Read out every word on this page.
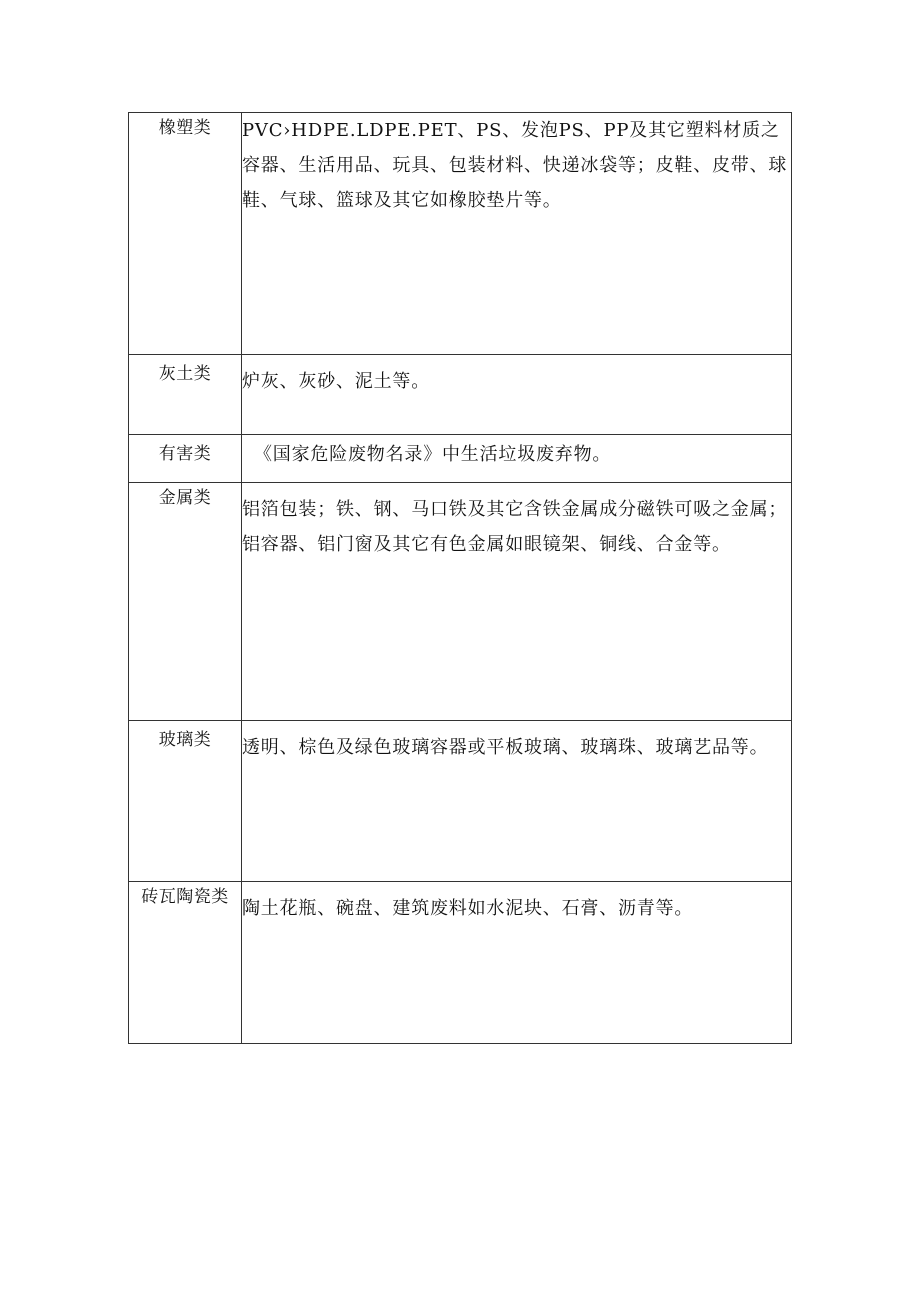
橡塑类	PVC›HDPE.LDPE.PET、PS、发泡PS、PP及其它塑料材质之容器、生活用品、玩具、包装材料、快递冰袋等；皮鞋、皮带、球鞋、气球、篮球及其它如橡胶垫片等。
灰土类	炉灰、灰砂、泥土等。
有害类	《国家危险废物名录》中生活垃圾废弃物。
金属类	铝箔包装；铁、钢、马口铁及其它含铁金属成分磁铁可吸之金属；铝容器、铝门窗及其它有色金属如眼镜架、铜线、合金等。
玻璃类	透明、棕色及绿色玻璃容器或平板玻璃、玻璃珠、玻璃艺品等。
砖瓦陶瓷类	陶土花瓶、碗盘、建筑废料如水泥块、石膏、沥青等。
